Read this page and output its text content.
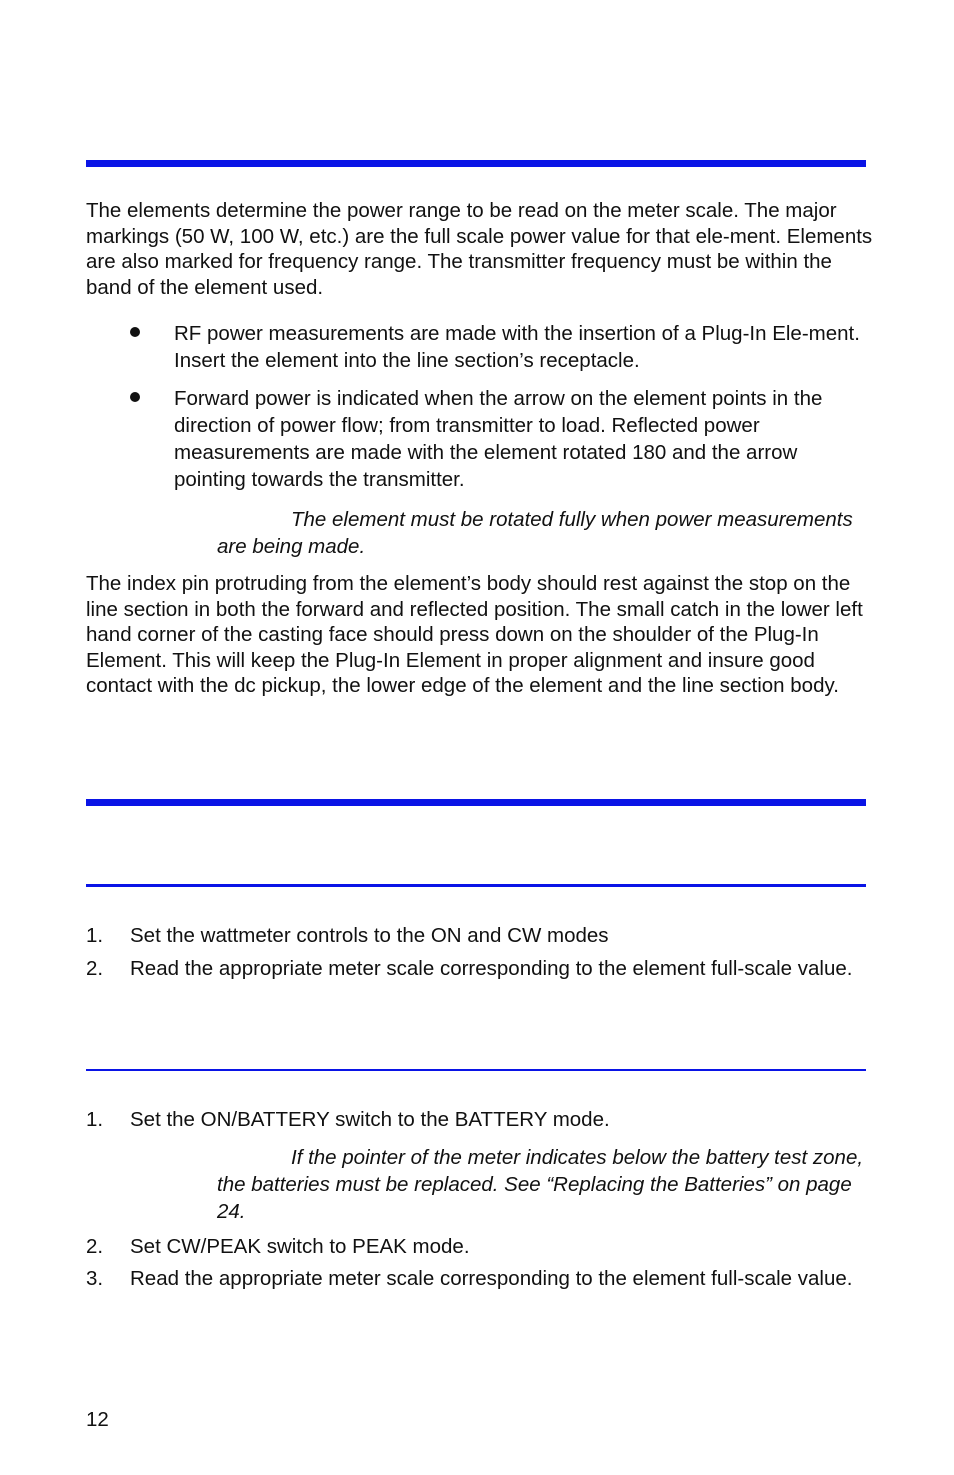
The elements determine the power range to be read on the meter scale. The major markings (50 W, 100 W, etc.) are the full scale power value for that ele-ment. Elements are also marked for frequency range. The transmitter frequency must be within the band of the element used.

RF power measurements are made with the insertion of a Plug-In Ele-ment. Insert the element into the line section’s receptacle.
Forward power is indicated when the arrow on the element points in the direction of power flow; from transmitter to load. Reflected power measurements are made with the element rotated 180 and the arrow pointing towards the transmitter.
The element must be rotated fully when power measurements are being made.

The index pin protruding from the element’s body should rest against the stop on the line section in both the forward and reflected position. The small catch in the lower left hand corner of the casting face should press down on the shoulder of the Plug-In Element. This will keep the Plug-In Element in proper alignment and insure good contact with the dc pickup, the lower edge of the element and the line section body.

1. Set the wattmeter controls to the ON and CW modes
2. Read the appropriate meter scale corresponding to the element full-scale value.
1. Set the ON/BATTERY switch to the BATTERY mode.
If the pointer of the meter indicates below the battery test zone, the batteries must be replaced. See “Replacing the Batteries” on page 24.
2. Set CW/PEAK switch to PEAK mode.
3. Read the appropriate meter scale corresponding to the element full-scale value.
12
